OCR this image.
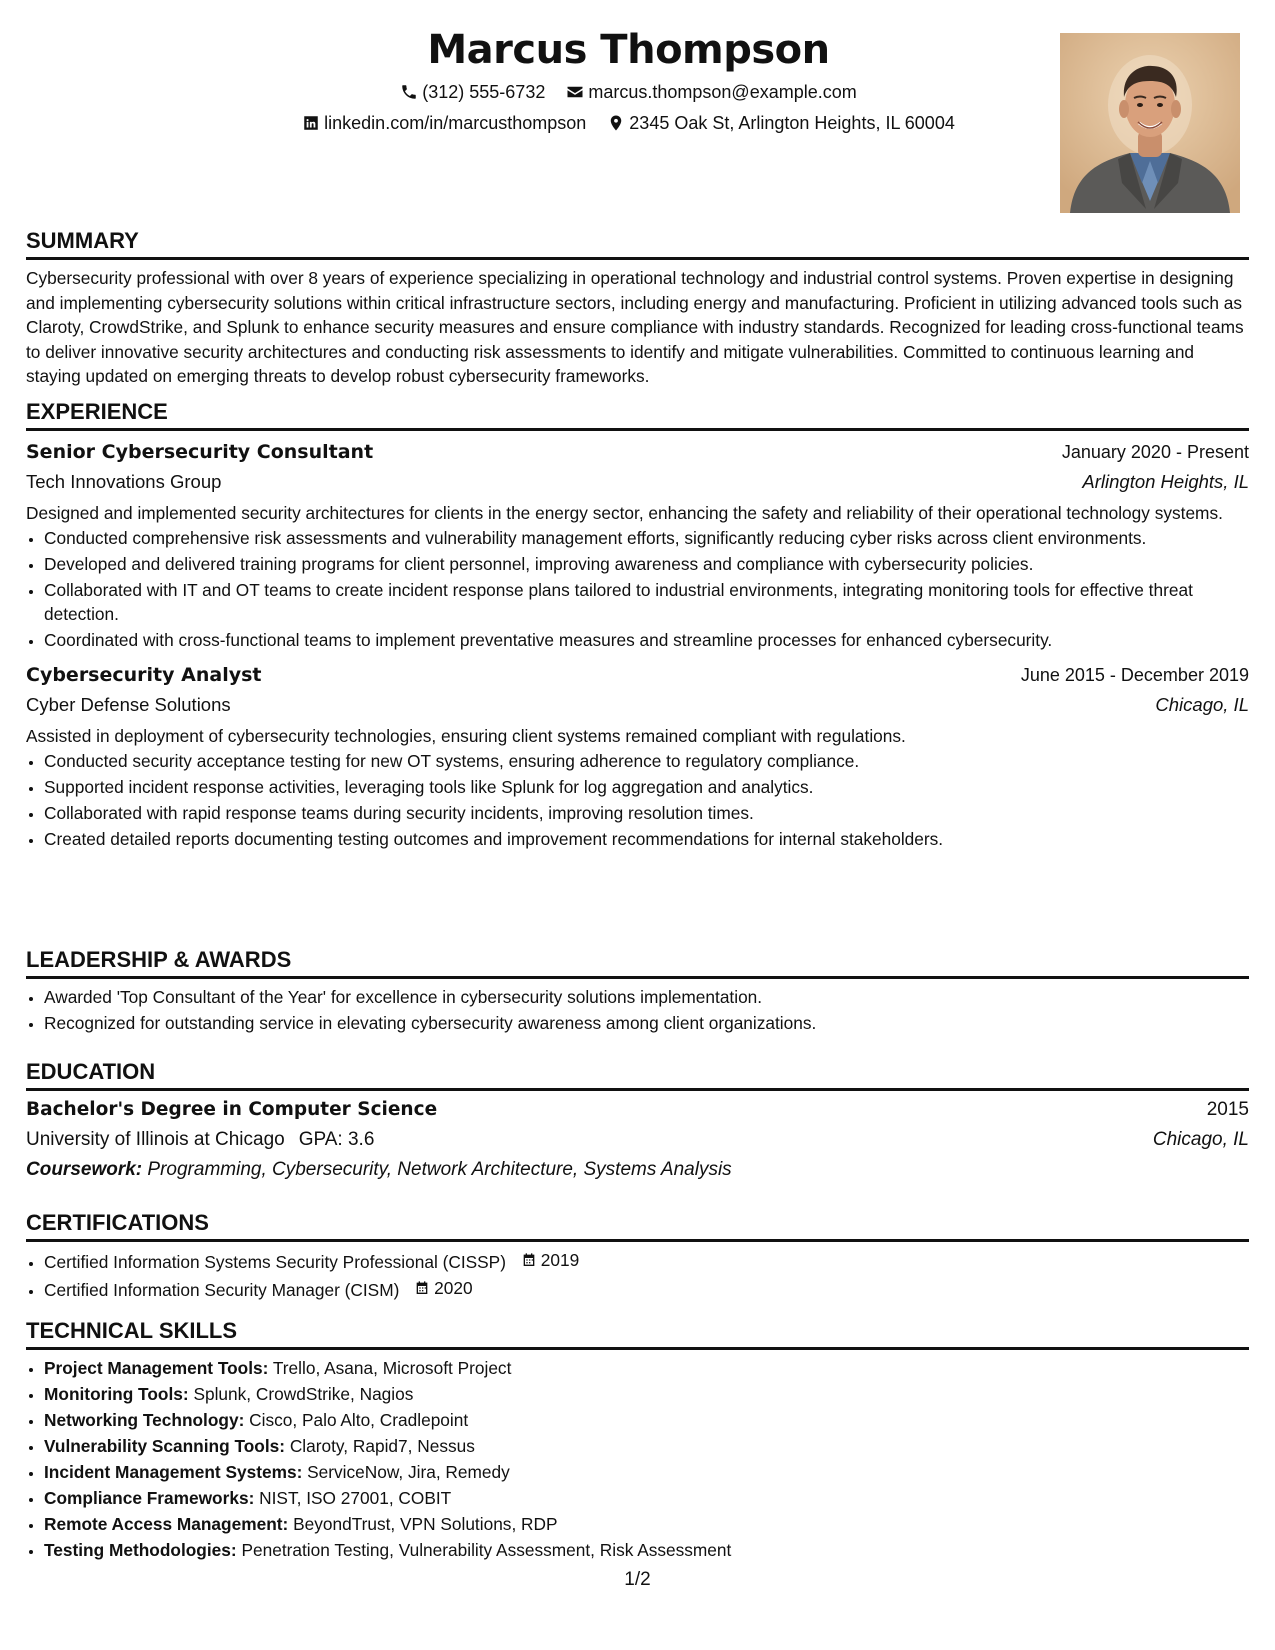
Marcus Thompson
(312) 555-6732
marcus.thompson@example.com
linkedin.com/in/marcusthompson
2345 Oak St, Arlington Heights, IL 60004
SUMMARY

Cybersecurity professional with over 8 years of experience specializing in operational technology and industrial control systems. Proven expertise in designing and implementing cybersecurity solutions within critical infrastructure sectors, including energy and manufacturing. Proficient in utilizing advanced tools such as Claroty, CrowdStrike, and Splunk to enhance security measures and ensure compliance with industry standards. Recognized for leading cross-functional teams to deliver innovative security architectures and conducting risk assessments to identify and mitigate vulnerabilities. Committed to continuous learning and staying updated on emerging threats to develop robust cybersecurity frameworks.

EXPERIENCE
Senior Cybersecurity Consultant	January 2020 - Present
Tech Innovations Group	Arlington Heights, IL
Designed and implemented security architectures for clients in the energy sector, enhancing the safety and reliability of their operational technology systems.
• Conducted comprehensive risk assessments and vulnerability management efforts, significantly reducing cyber risks across client environments.
• Developed and delivered training programs for client personnel, improving awareness and compliance with cybersecurity policies.
• Collaborated with IT and OT teams to create incident response plans tailored to industrial environments, integrating monitoring tools for effective threat detection.
• Coordinated with cross-functional teams to implement preventative measures and streamline processes for enhanced cybersecurity.
Cybersecurity Analyst	June 2015 - December 2019
Cyber Defense Solutions	Chicago, IL
Assisted in deployment of cybersecurity technologies, ensuring client systems remained compliant with regulations.
• Conducted security acceptance testing for new OT systems, ensuring adherence to regulatory compliance.
• Supported incident response activities, leveraging tools like Splunk for log aggregation and analytics.
• Collaborated with rapid response teams during security incidents, improving resolution times.
• Created detailed reports documenting testing outcomes and improvement recommendations for internal stakeholders.
LEADERSHIP & AWARDS
• Awarded 'Top Consultant of the Year' for excellence in cybersecurity solutions implementation.
• Recognized for outstanding service in elevating cybersecurity awareness among client organizations.
EDUCATION
Bachelor's Degree in Computer Science	2015
University of Illinois at Chicago GPA: 3.6	Chicago, IL
Coursework: Programming, Cybersecurity, Network Architecture, Systems Analysis
CERTIFICATIONS
• Certified Information Systems Security Professional (CISSP) 2019
• Certified Information Security Manager (CISM) 2020
TECHNICAL SKILLS
• Project Management Tools: Trello, Asana, Microsoft Project
• Monitoring Tools: Splunk, CrowdStrike, Nagios
• Networking Technology: Cisco, Palo Alto, Cradlepoint
• Vulnerability Scanning Tools: Claroty, Rapid7, Nessus
• Incident Management Systems: ServiceNow, Jira, Remedy
• Compliance Frameworks: NIST, ISO 27001, COBIT
• Remote Access Management: BeyondTrust, VPN Solutions, RDP
• Testing Methodologies: Penetration Testing, Vulnerability Assessment, Risk Assessment
1/2
